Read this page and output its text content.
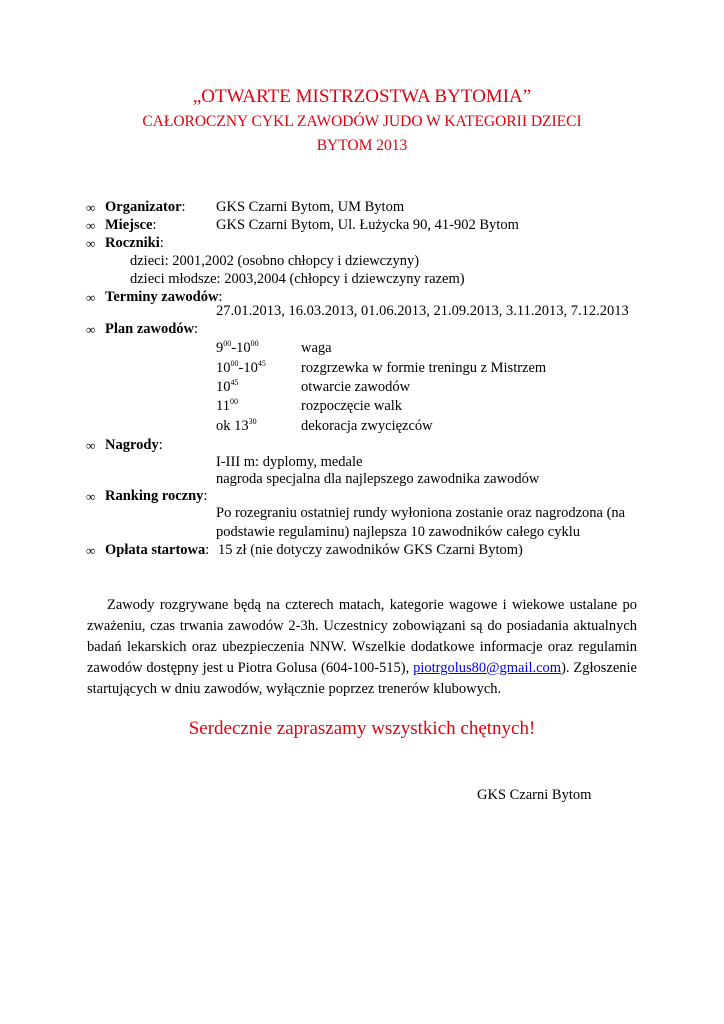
„OTWARTE MISTRZOSTWA BYTOMIA”
CAŁOROCZNY CYKL ZAWODÓW JUDO W KATEGORII DZIECI
BYTOM 2013
∞ Organizator: GKS Czarni Bytom, UM Bytom
∞ Miejsce:	GKS Czarni Bytom, Ul. Łużycka 90, 41-902 Bytom
∞ Roczniki:
dzieci: 2001,2002 (osobno chłopcy i dziewczyny)
dzieci młodsze: 2003,2004 (chłopcy i dziewczyny razem)
∞ Terminy zawodów:
27.01.2013, 16.03.2013, 01.06.2013, 21.09.2013, 3.11.2013, 7.12.2013
∞ Plan zawodów:
$9^{00}-10^{00}$	waga
$10^{00}-10^{45}$ rozgrzewka w formie treningu z Mistrzem
$10^{45}$	otwarcie zawodów
$11^{00}$	rozpoczęcie walk
ok $13^{30}$	dekoracja zwycięzców
∞ Nagrody:
I-III m: dyplomy, medale
nagroda specjalna dla najlepszego zawodnika zawodów
∞ Ranking roczny:
Po rozegraniu ostatniej rundy wyłoniona zostanie oraz nagrodzona (na
podstawie regulaminu) najlepsza 10 zawodników całego cyklu
∞ Opłata startowa: 15 zł (nie dotyczy zawodników GKS Czarni Bytom)
Zawody rozgrywane będą na czterech matach, kategorie wagowe i wiekowe ustalane po zważeniu, czas trwania zawodów 2-3h. Uczestnicy zobowiązani są do posiadania aktualnych badań lekarskich oraz ubezpieczenia NNW. Wszelkie dodatkowe informacje oraz regulamin zawodów dostępny jest u Piotra Golusa (604-100-515), piotrgolus80@gmail.com). Zgłoszenie startujących w dniu zawodów, wyłącznie poprzez trenerów klubowych.
Serdecznie zapraszamy wszystkich chętnych!
GKS Czarni Bytom
